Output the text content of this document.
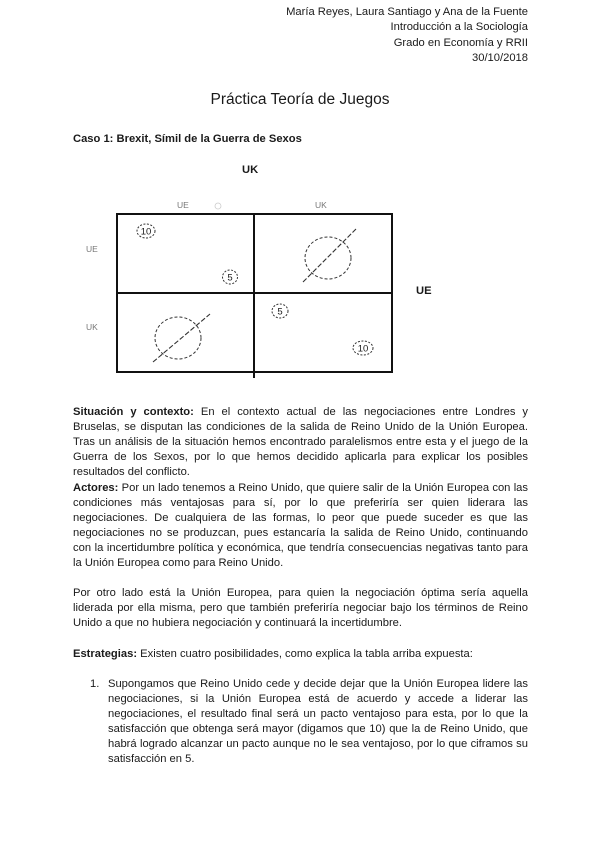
María Reyes, Laura Santiago y Ana de la Fuente
Introducción a la Sociología
Grado en Economía y RRII
30/10/2018
Práctica Teoría de Juegos
Caso 1: Brexit, Símil de la Guerra de Sexos
UK
UE
UE	UK
UE
UK
10
5
5
10
Situación y contexto: En el contexto actual de las negociaciones entre Londres y Bruselas, se disputan las condiciones de la salida de Reino Unido de la Unión Europea. Tras un análisis de la situación hemos encontrado paralelismos entre esta y el juego de la Guerra de los Sexos, por lo que hemos decidido aplicarla para explicar los posibles resultados del conflicto.
Actores: Por un lado tenemos a Reino Unido, que quiere salir de la Unión Europea con las condiciones más ventajosas para sí, por lo que preferiría ser quien liderara las negociaciones. De cualquiera de las formas, lo peor que puede suceder es que las negociaciones no se produzcan, pues estancaría la salida de Reino Unido, continuando con la incertidumbre política y económica, que tendría consecuencias negativas tanto para la Unión Europea como para Reino Unido.
Por otro lado está la Unión Europea, para quien la negociación óptima sería aquella liderada por ella misma, pero que también preferiría negociar bajo los términos de Reino Unido a que no hubiera negociación y continuará la incertidumbre.
Estrategias: Existen cuatro posibilidades, como explica la tabla arriba expuesta:
1. Supongamos que Reino Unido cede y decide dejar que la Unión Europea lidere las negociaciones, si la Unión Europea está de acuerdo y accede a liderar las negociaciones, el resultado final será un pacto ventajoso para esta, por lo que la satisfacción que obtenga será mayor (digamos que 10) que la de Reino Unido, que habrá logrado alcanzar un pacto aunque no le sea ventajoso, por lo que ciframos su satisfacción en 5.
